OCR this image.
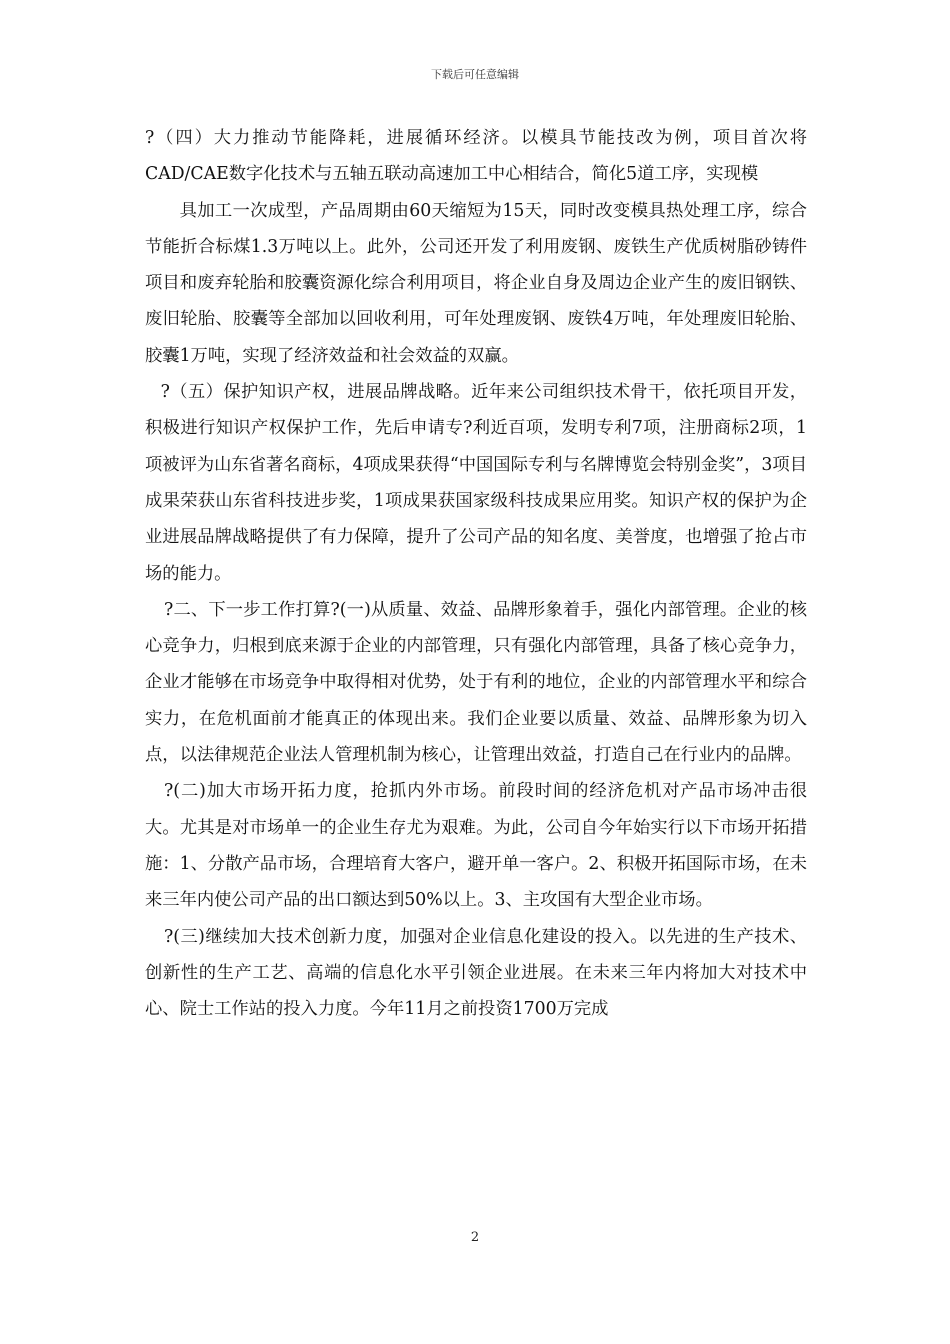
下载后可任意编辑

?（四）大力推动节能降耗，进展循环经济。以模具节能技改为例，项目首次将CAD/CAE数字化技术与五轴五联动高速加工中心相结合，简化5道工序，实现模

具加工一次成型，产品周期由60天缩短为15天，同时改变模具热处理工序，综合节能折合标煤1.3万吨以上。此外，公司还开发了利用废钢、废铁生产优质树脂砂铸件项目和废弃轮胎和胶囊资源化综合利用项目，将企业自身及周边企业产生的废旧钢铁、废旧轮胎、胶囊等全部加以回收利用，可年处理废钢、废铁4万吨，年处理废旧轮胎、胶囊1万吨，实现了经济效益和社会效益的双赢。

?（五）保护知识产权，进展品牌战略。近年来公司组织技术骨干，依托项目开发，积极进行知识产权保护工作，先后申请专?利近百项，发明专利7项，注册商标2项，1项被评为山东省著名商标，4项成果获得“中国国际专利与名牌博览会特别金奖”，3项目成果荣获山东省科技进步奖，1项成果获国家级科技成果应用奖。知识产权的保护为企业进展品牌战略提供了有力保障，提升了公司产品的知名度、美誉度，也增强了抢占市场的能力。

?二、下一步工作打算?(一)从质量、效益、品牌形象着手，强化内部管理。企业的核心竞争力，归根到底来源于企业的内部管理，只有强化内部管理，具备了核心竞争力，企业才能够在市场竞争中取得相对优势，处于有利的地位，企业的内部管理水平和综合实力，在危机面前才能真正的体现出来。我们企业要以质量、效益、品牌形象为切入点，以法律规范企业法人管理机制为核心，让管理出效益，打造自己在行业内的品牌。

?(二)加大市场开拓力度，抢抓内外市场。前段时间的经济危机对产品市场冲击很大。尤其是对市场单一的企业生存尤为艰难。为此，公司自今年始实行以下市场开拓措施：1、分散产品市场，合理培育大客户，避开单一客户。2、积极开拓国际市场，在未来三年内使公司产品的出口额达到50%以上。3、主攻国有大型企业市场。

?(三)继续加大技术创新力度，加强对企业信息化建设的投入。以先进的生产技术、创新性的生产工艺、高端的信息化水平引领企业进展。在未来三年内将加大对技术中心、院士工作站的投入力度。今年11月之前投资1700万完成

2
